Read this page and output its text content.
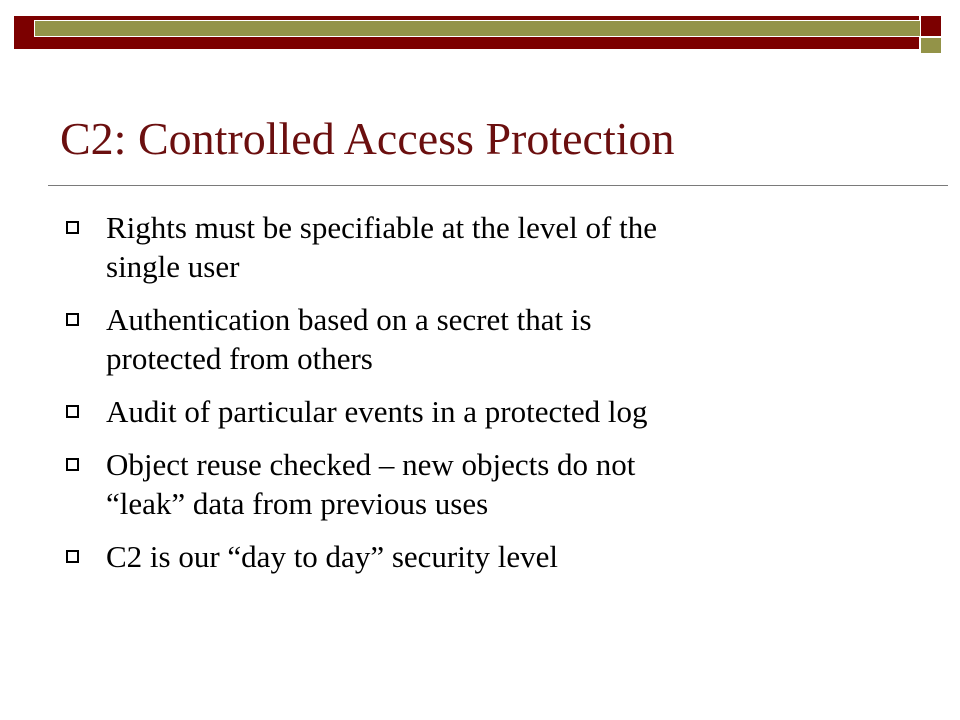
C2: Controlled Access Protection
Rights must be specifiable at the level of the
single user
Authentication based on a secret that is
protected from others
Audit of particular events in a protected log
Object reuse checked – new objects do not
“leak” data from previous uses
C2 is our “day to day” security level
